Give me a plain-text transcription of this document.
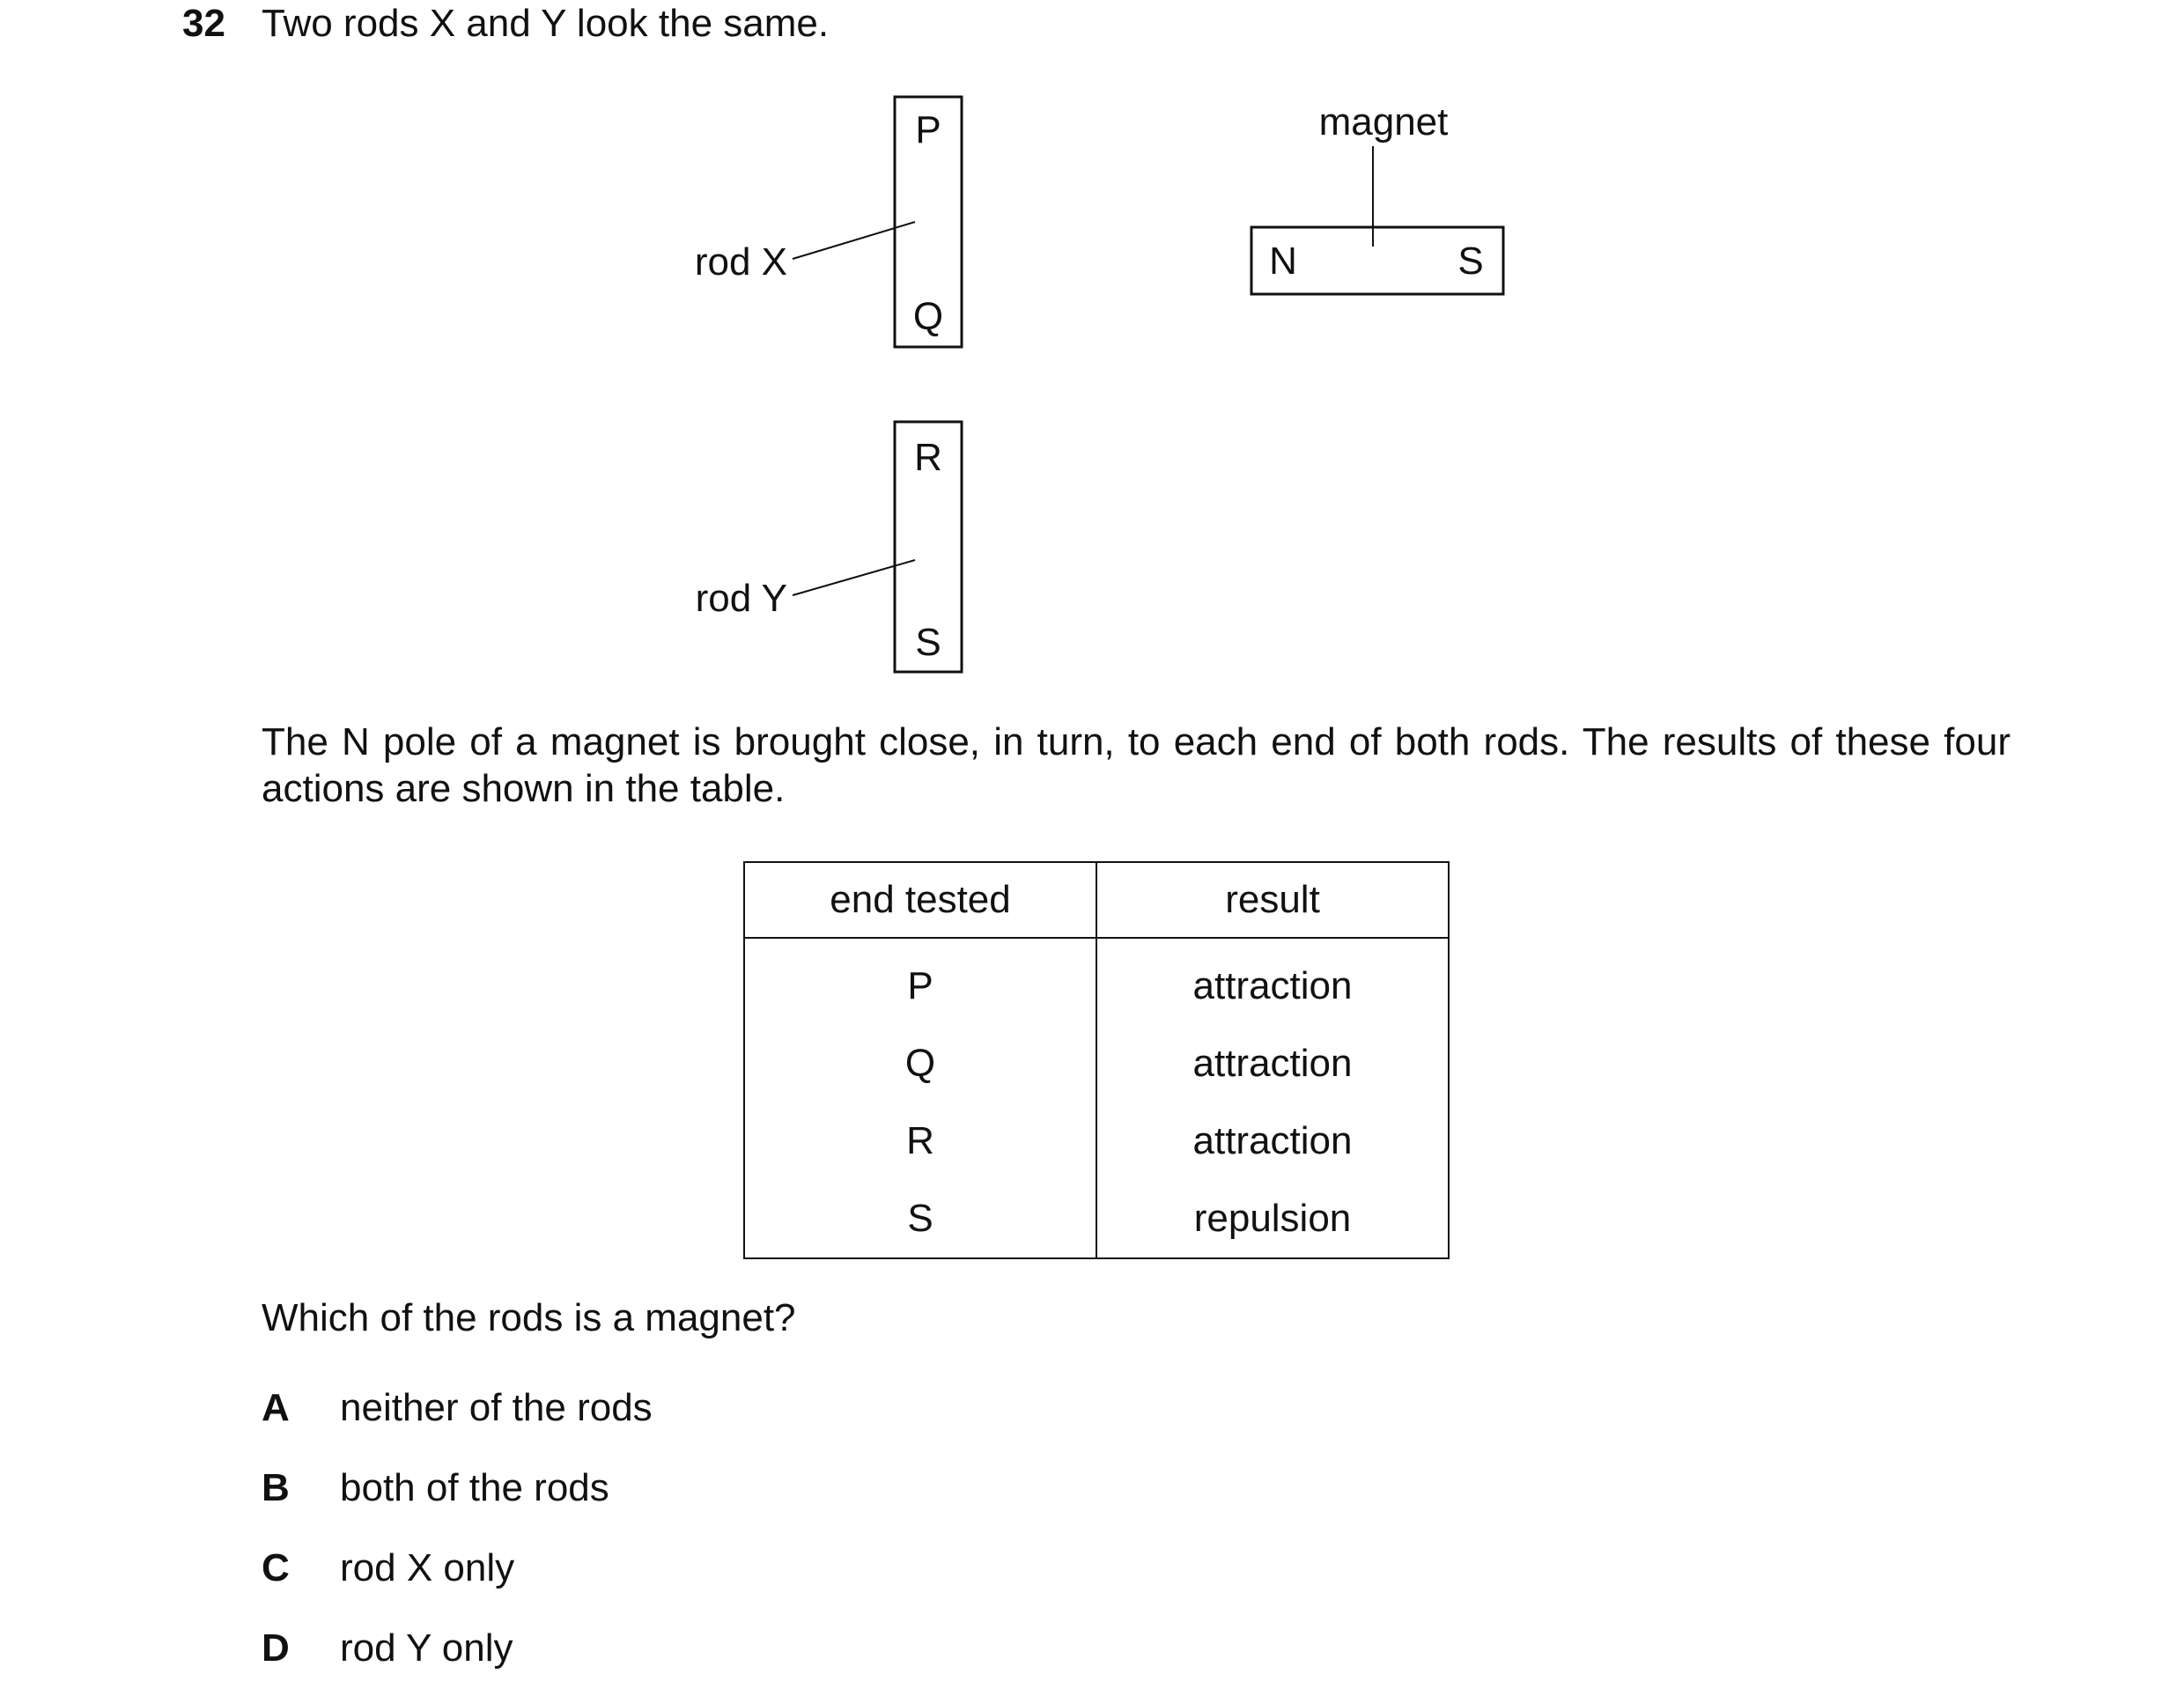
32 Two rods X and Y look the same.
P
Q
rod X
R
S
rod Y
magnet
N	S
The N pole of a magnet is brought close, in turn, to each end of both rods. The results of these four actions are shown in the table.
end tested	result
P	attraction
Q	attraction
R	attraction
S	repulsion
Which of the rods is a magnet?
A	neither of the rods
B	both of the rods
C	rod X only
D	rod Y only
